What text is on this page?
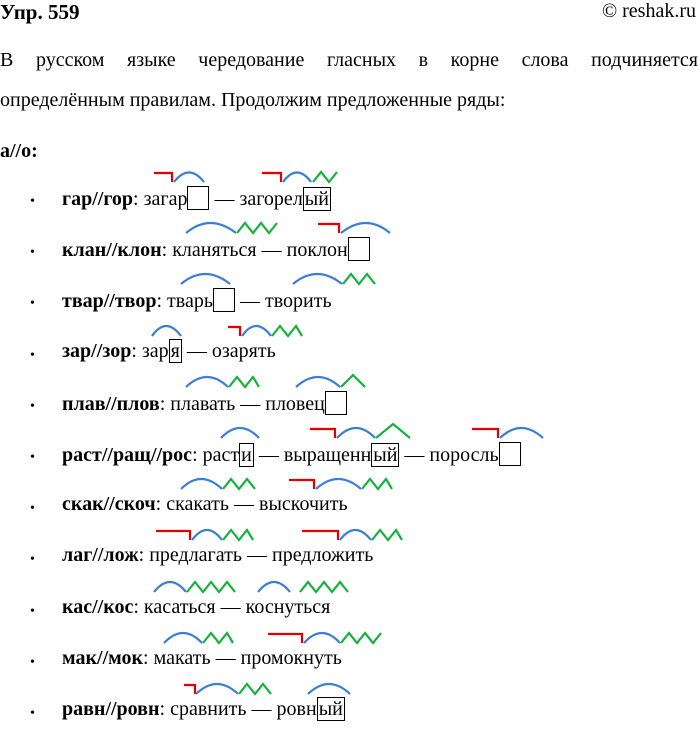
Упр. 559	© reshak.ru
В русском языке чередование гласных в корне слова подчиняется
определённым правилам. Продолжим предложенные ряды:
а//о:
• гар//гор: загар — загорел ый
• клан//клон: кланяться — поклон
• твар//твор: тварь — творить
• зар//зор: зар я — озарять
• плав//плов: плавать — пловец
• раст//ращ//рос: раст и — выращенн ый — поросль
• скак//скоч: скакать — выскочить
• лаг//лож: предлагать — предложить
• кас//кос: касаться — коснуться
• мак//мок: макать — промокнуть
• равн//ровн: сравнить — ровн ый
